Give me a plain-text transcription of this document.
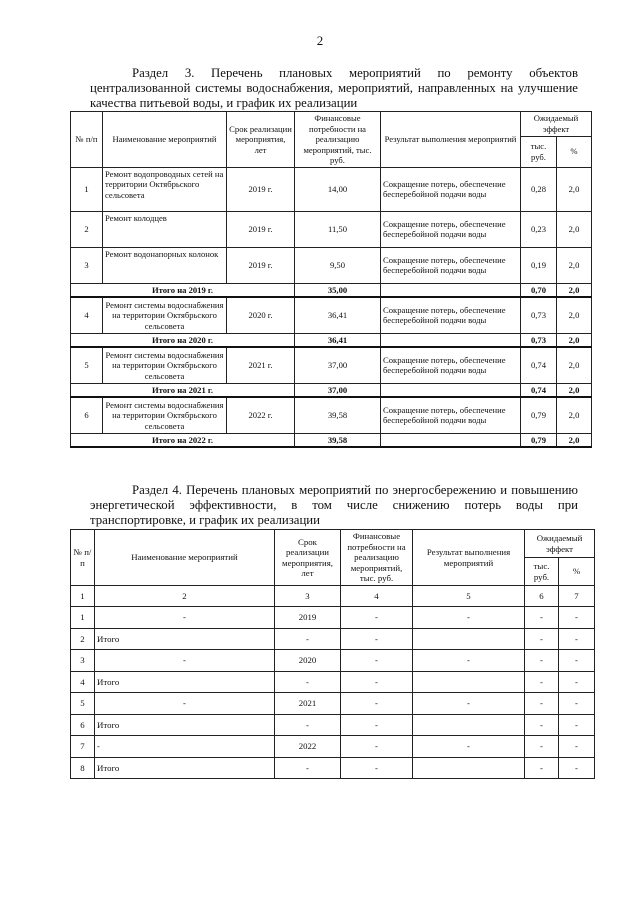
2

Раздел 3. Перечень плановых мероприятий по ремонту объектов централизованной системы водоснабжения, мероприятий, направленных на улучшение качества питьевой воды, и график их реализации

№ п/п	Наименование мероприятий	Срок реализации мероприятия, лет	Финансовые потребности на реализацию мероприятий, тыс. руб.	Результат выполнения мероприятий	Ожидаемый эффект	
					тыс. руб.	%
1	Ремонт водопроводных сетей на территории Октябрьского сельсовета	2019 г.	14,00	Сокращение потерь, обеспечение бесперебойной подачи воды	0,28	2,0
2	Ремонт колодцев	2019 г.	11,50	Сокращение потерь, обеспечение бесперебойной подачи воды	0,23	2,0
3	Ремонт водонапорных колонок	2019 г.	9,50	Сокращение потерь, обеспечение бесперебойной подачи воды	0,19	2,0
Итого на 2019 г.			35,00		0,70	2,0
4	Ремонт системы водоснабжения на территории Октябрьского сельсовета	2020 г.	36,41	Сокращение потерь, обеспечение бесперебойной подачи воды	0,73	2,0
Итого на 2020 г.			36,41		0,73	2,0
5	Ремонт системы водоснабжения на территории Октябрьского сельсовета	2021 г.	37,00	Сокращение потерь, обеспечение бесперебойной подачи воды	0,74	2,0
Итого на 2021 г.			37,00		0,74	2,0
6	Ремонт системы водоснабжения на территории Октябрьского сельсовета	2022 г.	39,58	Сокращение потерь, обеспечение бесперебойной подачи воды	0,79	2,0
Итого на 2022 г.			39,58		0,79	2,0

Раздел 4. Перечень плановых мероприятий по энергосбережению и повышению энергетической эффективности, в том числе снижению потерь воды при транспортировке, и график их реализации

№ п/п	Наименование мероприятий	Срок реализации мероприятия, лет	Финансовые потребности на реализацию мероприятий, тыс. руб.	Результат выполнения мероприятий	Ожидаемый эффект	
					тыс. руб.	%
1	2	3	4	5	6	7
1	-	2019	-	-	-	-
2	Итого	-	-		-	-
3	-	2020	-	-	-	-
4	Итого	-	-		-	-
5	-	2021	-	-	-	-
6	Итого	-	-		-	-
7	-	2022	-	-	-	-
8	Итого	-	-		-	-
